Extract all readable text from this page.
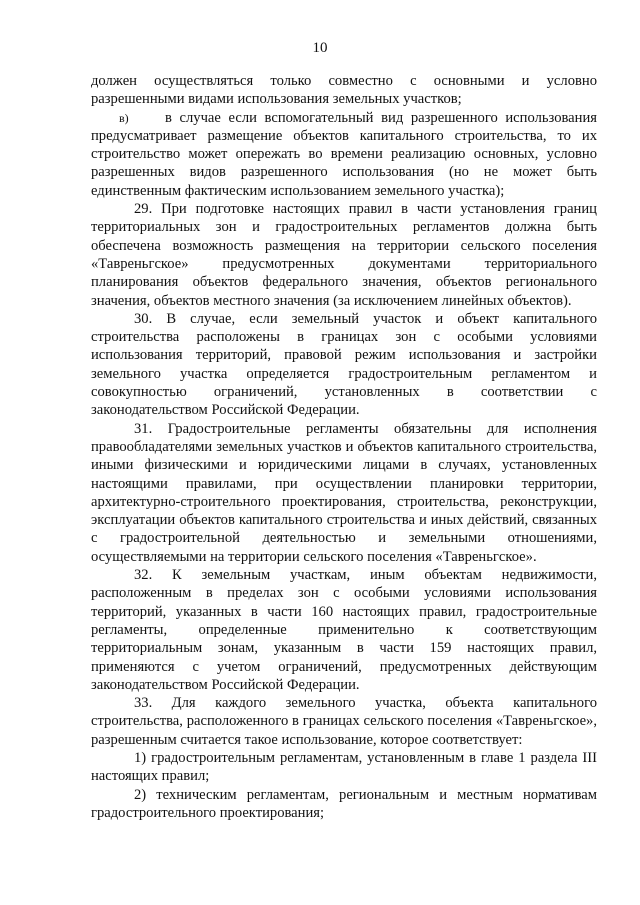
10

должен осуществляться только совместно с основными и условно разрешенными видами использования земельных участков;

в) в случае если вспомогательный вид разрешенного использования предусматривает размещение объектов капитального строительства, то их строительство может опережать во времени реализацию основных, условно разрешенных видов разрешенного использования (но не может быть единственным фактическим использованием земельного участка);

29. При подготовке настоящих правил в части установления границ территориальных зон и градостроительных регламентов должна быть обеспечена возможность размещения на территории сельского поселения «Тавреньгское» предусмотренных документами территориального планирования объектов федерального значения, объектов регионального значения, объектов местного значения (за исключением линейных объектов).

30. В случае, если земельный участок и объект капитального строительства расположены в границах зон с особыми условиями использования территорий, правовой режим использования и застройки земельного участка определяется градостроительным регламентом и совокупностью ограничений, установленных в соответствии с законодательством Российской Федерации.

31. Градостроительные регламенты обязательны для исполнения правообладателями земельных участков и объектов капитального строительства, иными физическими и юридическими лицами в случаях, установленных настоящими правилами, при осуществлении планировки территории, архитектурно-строительного проектирования, строительства, реконструкции, эксплуатации объектов капитального строительства и иных действий, связанных с градостроительной деятельностью и земельными отношениями, осуществляемыми на территории сельского поселения «Тавреньгское».

32. К земельным участкам, иным объектам недвижимости, расположенным в пределах зон с особыми условиями использования территорий, указанных в части 160 настоящих правил, градостроительные регламенты, определенные применительно к соответствующим территориальным зонам, указанным в части 159 настоящих правил, применяются с учетом ограничений, предусмотренных действующим законодательством Российской Федерации.

33. Для каждого земельного участка, объекта капитального строительства, расположенного в границах сельского поселения «Тавреньгское», разрешенным считается такое использование, которое соответствует:

1) градостроительным регламентам, установленным в главе 1 раздела III настоящих правил;

2) техническим регламентам, региональным и местным нормативам градостроительного проектирования;
